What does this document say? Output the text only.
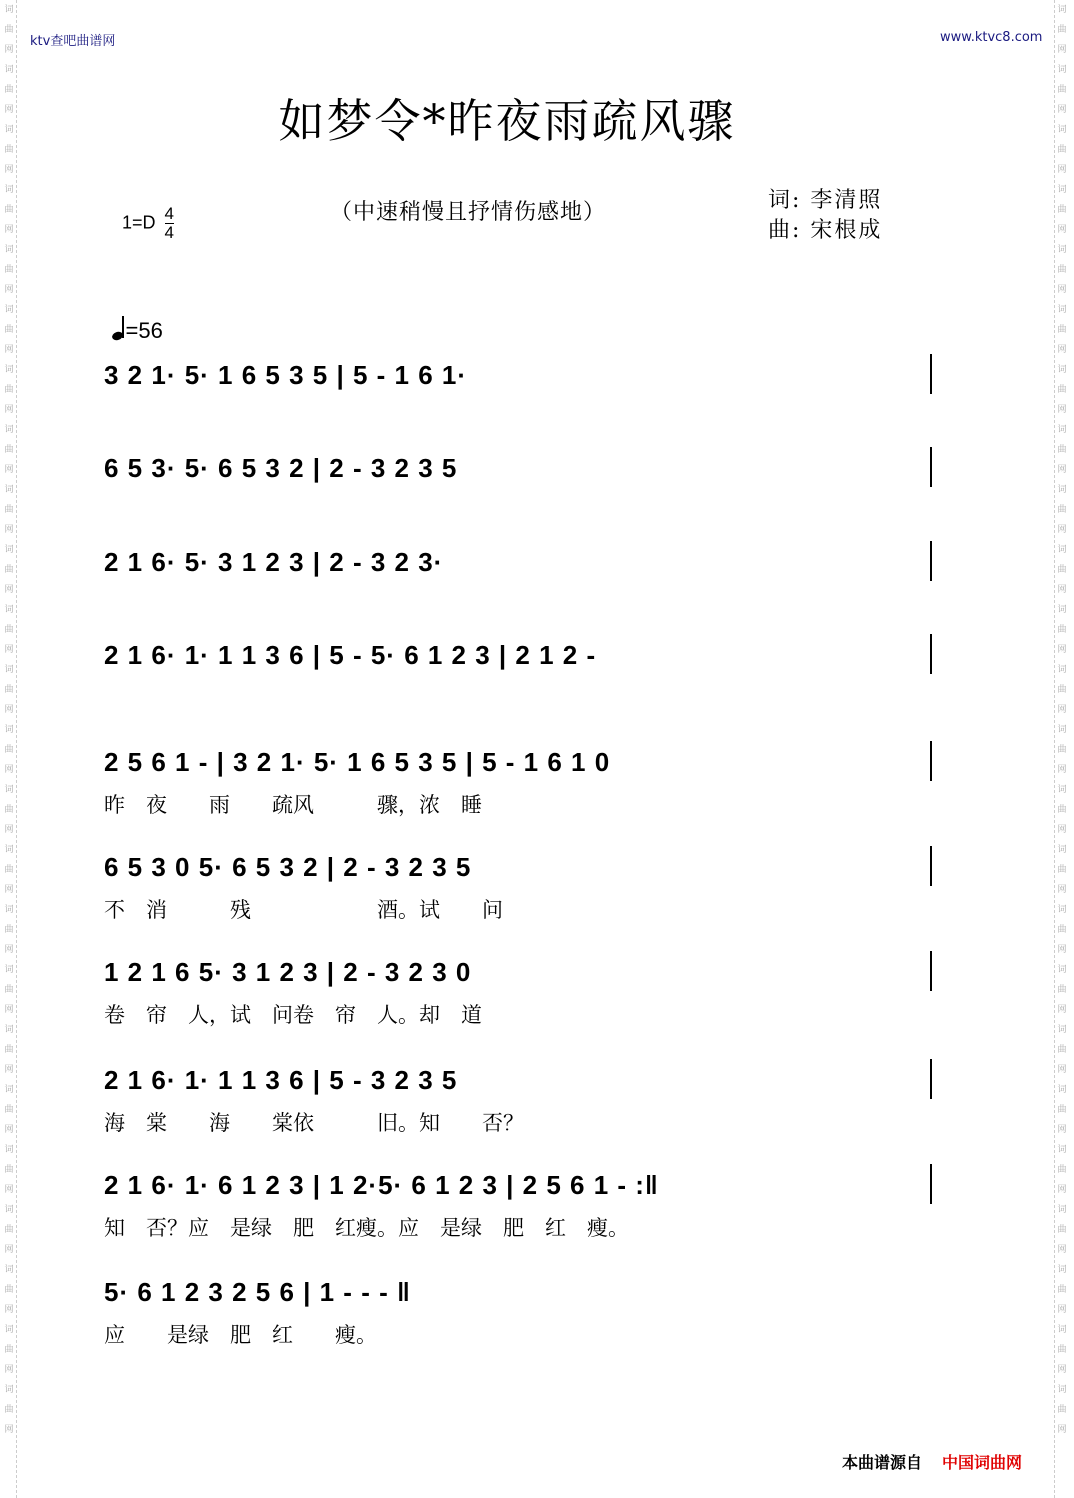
词曲网词曲网词曲网词曲网词曲网词曲网词曲网词曲网词曲网词曲网词曲网词曲网词曲网词曲网词曲网词曲网词曲网词曲网词曲网词曲网词曲网词曲网词曲网词曲网
词曲网词曲网词曲网词曲网词曲网词曲网词曲网词曲网词曲网词曲网词曲网词曲网词曲网词曲网词曲网词曲网词曲网词曲网词曲网词曲网词曲网词曲网词曲网词曲网
ktv查吧曲谱网	www.ktvc8.com
如梦令*昨夜雨疏风骤
$1=D \frac{4}{4}$	（中速稍慢且抒情伤感地）	词: 李清照
曲: 宋根成
=56
3 2 1· 5· 1 6 5 3 5 | 5 - 1 6 1·
6 5 3· 5· 6 5 3 2 | 2 - 3 2 3 5
2 1 6· 5· 3 1 2 3 | 2 - 3 2 3·
2 1 6· 1· 1 1 3 6 | 5 - 5· 6 1 2 3 | 2 1 2 -
2 5 6 1 - | 3 2 1· 5· 1 6 5 3 5 | 5 - 1 6 1 0
昨　夜　　雨　　疏风　　　骤，浓　睡
6 5 3 0 5· 6 5 3 2 | 2 - 3 2 3 5
不　消　　　残　　　　　　酒。试　　问
1 2 1 6 5· 3 1 2 3 | 2 - 3 2 3 0
卷　帘　人，试　问卷　帘　人。却　道
2 1 6· 1· 1 1 3 6 | 5 - 3 2 3 5
海　棠　　海　　棠依　　　旧。知　　否？
2 1 6· 1· 6 1 2 3 | 1 2·5· 6 1 2 3 | 2 5 6 1 - :‖
知　否？应　是绿　肥　红瘦。应　是绿　肥　红　瘦。
5· 6 1 2 3 2 5 6 | 1 - - - ‖
应　　是绿　肥　红　　瘦。
本曲谱源自 中国词曲网
